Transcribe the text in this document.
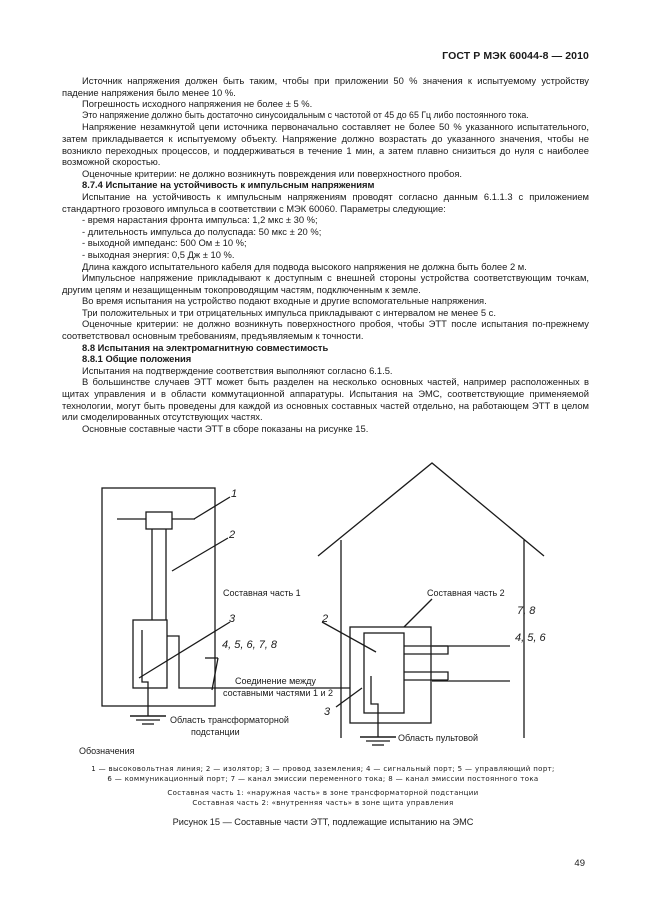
ГОСТ Р МЭК 60044-8 — 2010

Источник напряжения должен быть таким, чтобы при приложении 50 % значения к испытуемому устройству падение напряжения было менее 10 %.

Погрешность исходного напряжения не более ± 5 %.

Это напряжение должно быть достаточно синусоидальным с частотой от 45 до 65 Гц либо постоянного тока.

Напряжение незамкнутой цепи источника первоначально составляет не более 50 % указанного испытательного, затем прикладывается к испытуемому объекту. Напряжение должно возрастать до указанного значения, чтобы не возникло переходных процессов, и поддерживаться в течение 1 мин, а затем плавно снизиться до нуля с наиболее возможной скоростью.

Оценочные критерии: не должно возникнуть повреждения или поверхностного пробоя.

8.7.4 Испытание на устойчивость к импульсным напряжениям

Испытание на устойчивость к импульсным напряжениям проводят согласно данным 6.1.1.3 с приложением стандартного грозового импульса в соответствии с МЭК 60060. Параметры следующие:

- время нарастания фронта импульса: 1,2 мкс ± 30 %;

- длительность импульса до полуспада: 50 мкс ± 20 %;

- выходной импеданс: 500 Ом ± 10 %;

- выходная энергия: 0,5 Дж ± 10 %.

Длина каждого испытательного кабеля для подвода высокого напряжения не должна быть более 2 м.

Импульсное напряжение прикладывают к доступным с внешней стороны устройства соответствующим точкам, другим цепям и незащищенным токопроводящим частям, подключенным к земле.

Во время испытания на устройство подают входные и другие вспомогательные напряжения.

Три положительных и три отрицательных импульса прикладывают с интервалом не менее 5 с.

Оценочные критерии: не должно возникнуть поверхностного пробоя, чтобы ЭТТ после испытания по-прежнему соответствовал основным требованиям, предъявляемым к точности.

8.8 Испытания на электромагнитную совместимость

8.8.1 Общие положения

Испытания на подтверждение соответствия выполняют согласно 6.1.5.

В большинстве случаев ЭТТ может быть разделен на несколько основных частей, например расположенных в щитах управления и в области коммутационной аппаратуры. Испытания на ЭМС, соответствующие применяемой технологии, могут быть проведены для каждой из основных составных частей отдельно, на работающем ЭТТ в целом или смоделированных отсутствующих частях.

Основные составные части ЭТТ в сборе показаны на рисунке 15.

1
2
Составная часть 1
3
4, 5, 6, 7, 8
Соединение между
составными частями 1 и 2
Область трансформаторной
подстанции
Составная часть 2
2
7, 8
4, 5, 6
3
Область пультовой
Обозначения
1 — высоковольтная линия; 2 — изолятор; 3 — провод заземления; 4 — сигнальный порт; 5 — управляющий порт;
6 — коммуникационный порт; 7 — канал эмиссии переменного тока; 8 — канал эмиссии постоянного тока
Составная часть 1: «наружная часть» в зоне трансформаторной подстанции
Составная часть 2: «внутренняя часть» в зоне щита управления
Рисунок 15 — Составные части ЭТТ, подлежащие испытанию на ЭМС
49
